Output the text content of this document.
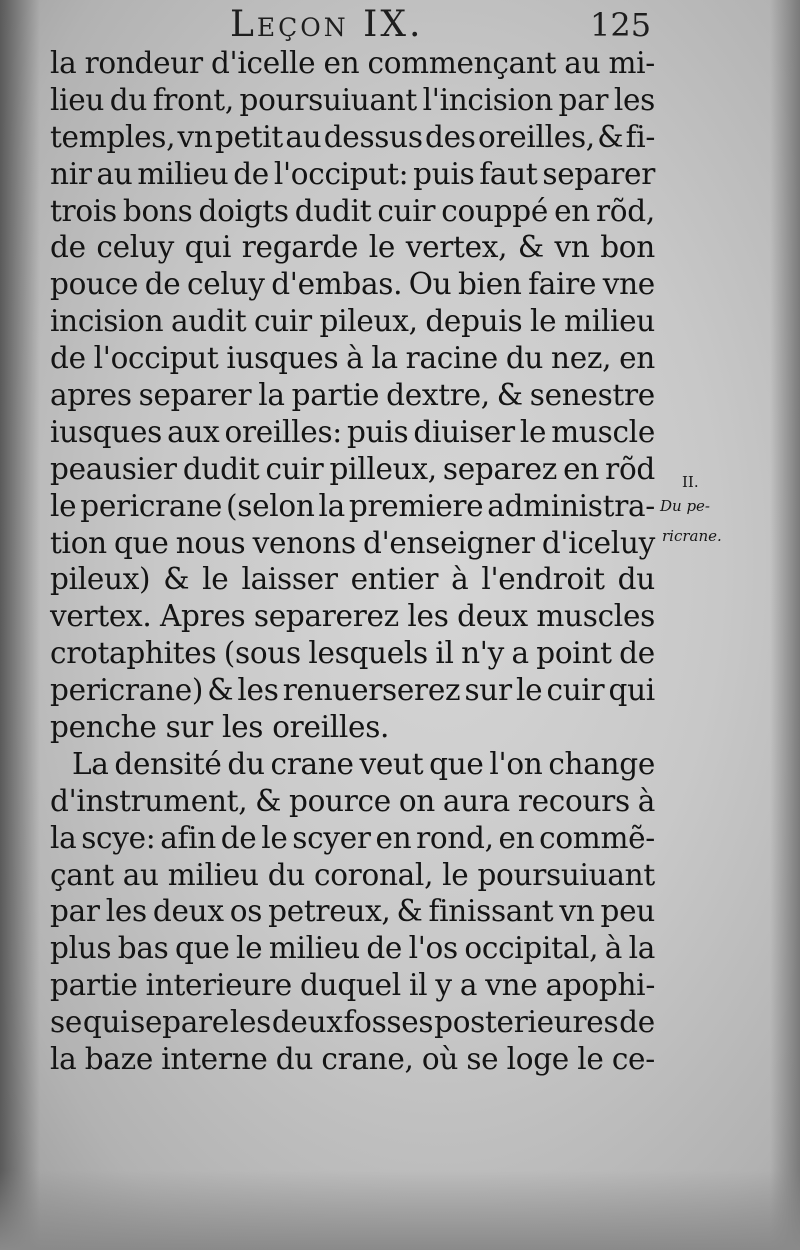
Leçon IX.	125
la rondeur d'icelle en commençant au mi-
lieu du front, poursuiuant l'incision par les
temples, vn petit au dessus des oreilles, & fi-
nir au milieu de l'occiput: puis faut separer
trois bons doigts dudit cuir couppé en rõd,
de celuy qui regarde le vertex, & vn bon
pouce de celuy d'embas. Ou bien faire vne
incision audit cuir pileux, depuis le milieu
de l'occiput iusques à la racine du nez, en
apres separer la partie dextre, & senestre
iusques aux oreilles: puis diuiser le muscle
peausier dudit cuir pilleux, separez en rõd
le pericrane (selon la premiere administra-
tion que nous venons d'enseigner d'iceluy
pileux) & le laisser entier à l'endroit du
vertex. Apres separerez les deux muscles
crotaphites (sous lesquels il n'y a point de
pericrane) & les renuerserez sur le cuir qui
penche sur les oreilles.
La densité du crane veut que l'on change
d'instrument, & pource on aura recours à
la scye: afin de le scyer en rond, en commẽ-
çant au milieu du coronal, le poursuiuant
par les deux os petreux, & finissant vn peu
plus bas que le milieu de l'os occipital, à la
partie interieure duquel il y a vne apophi-
se qui separe les deux fosses posterieures de
la baze interne du crane, où se loge le ce-
II.
Du pe-
ricrane.
